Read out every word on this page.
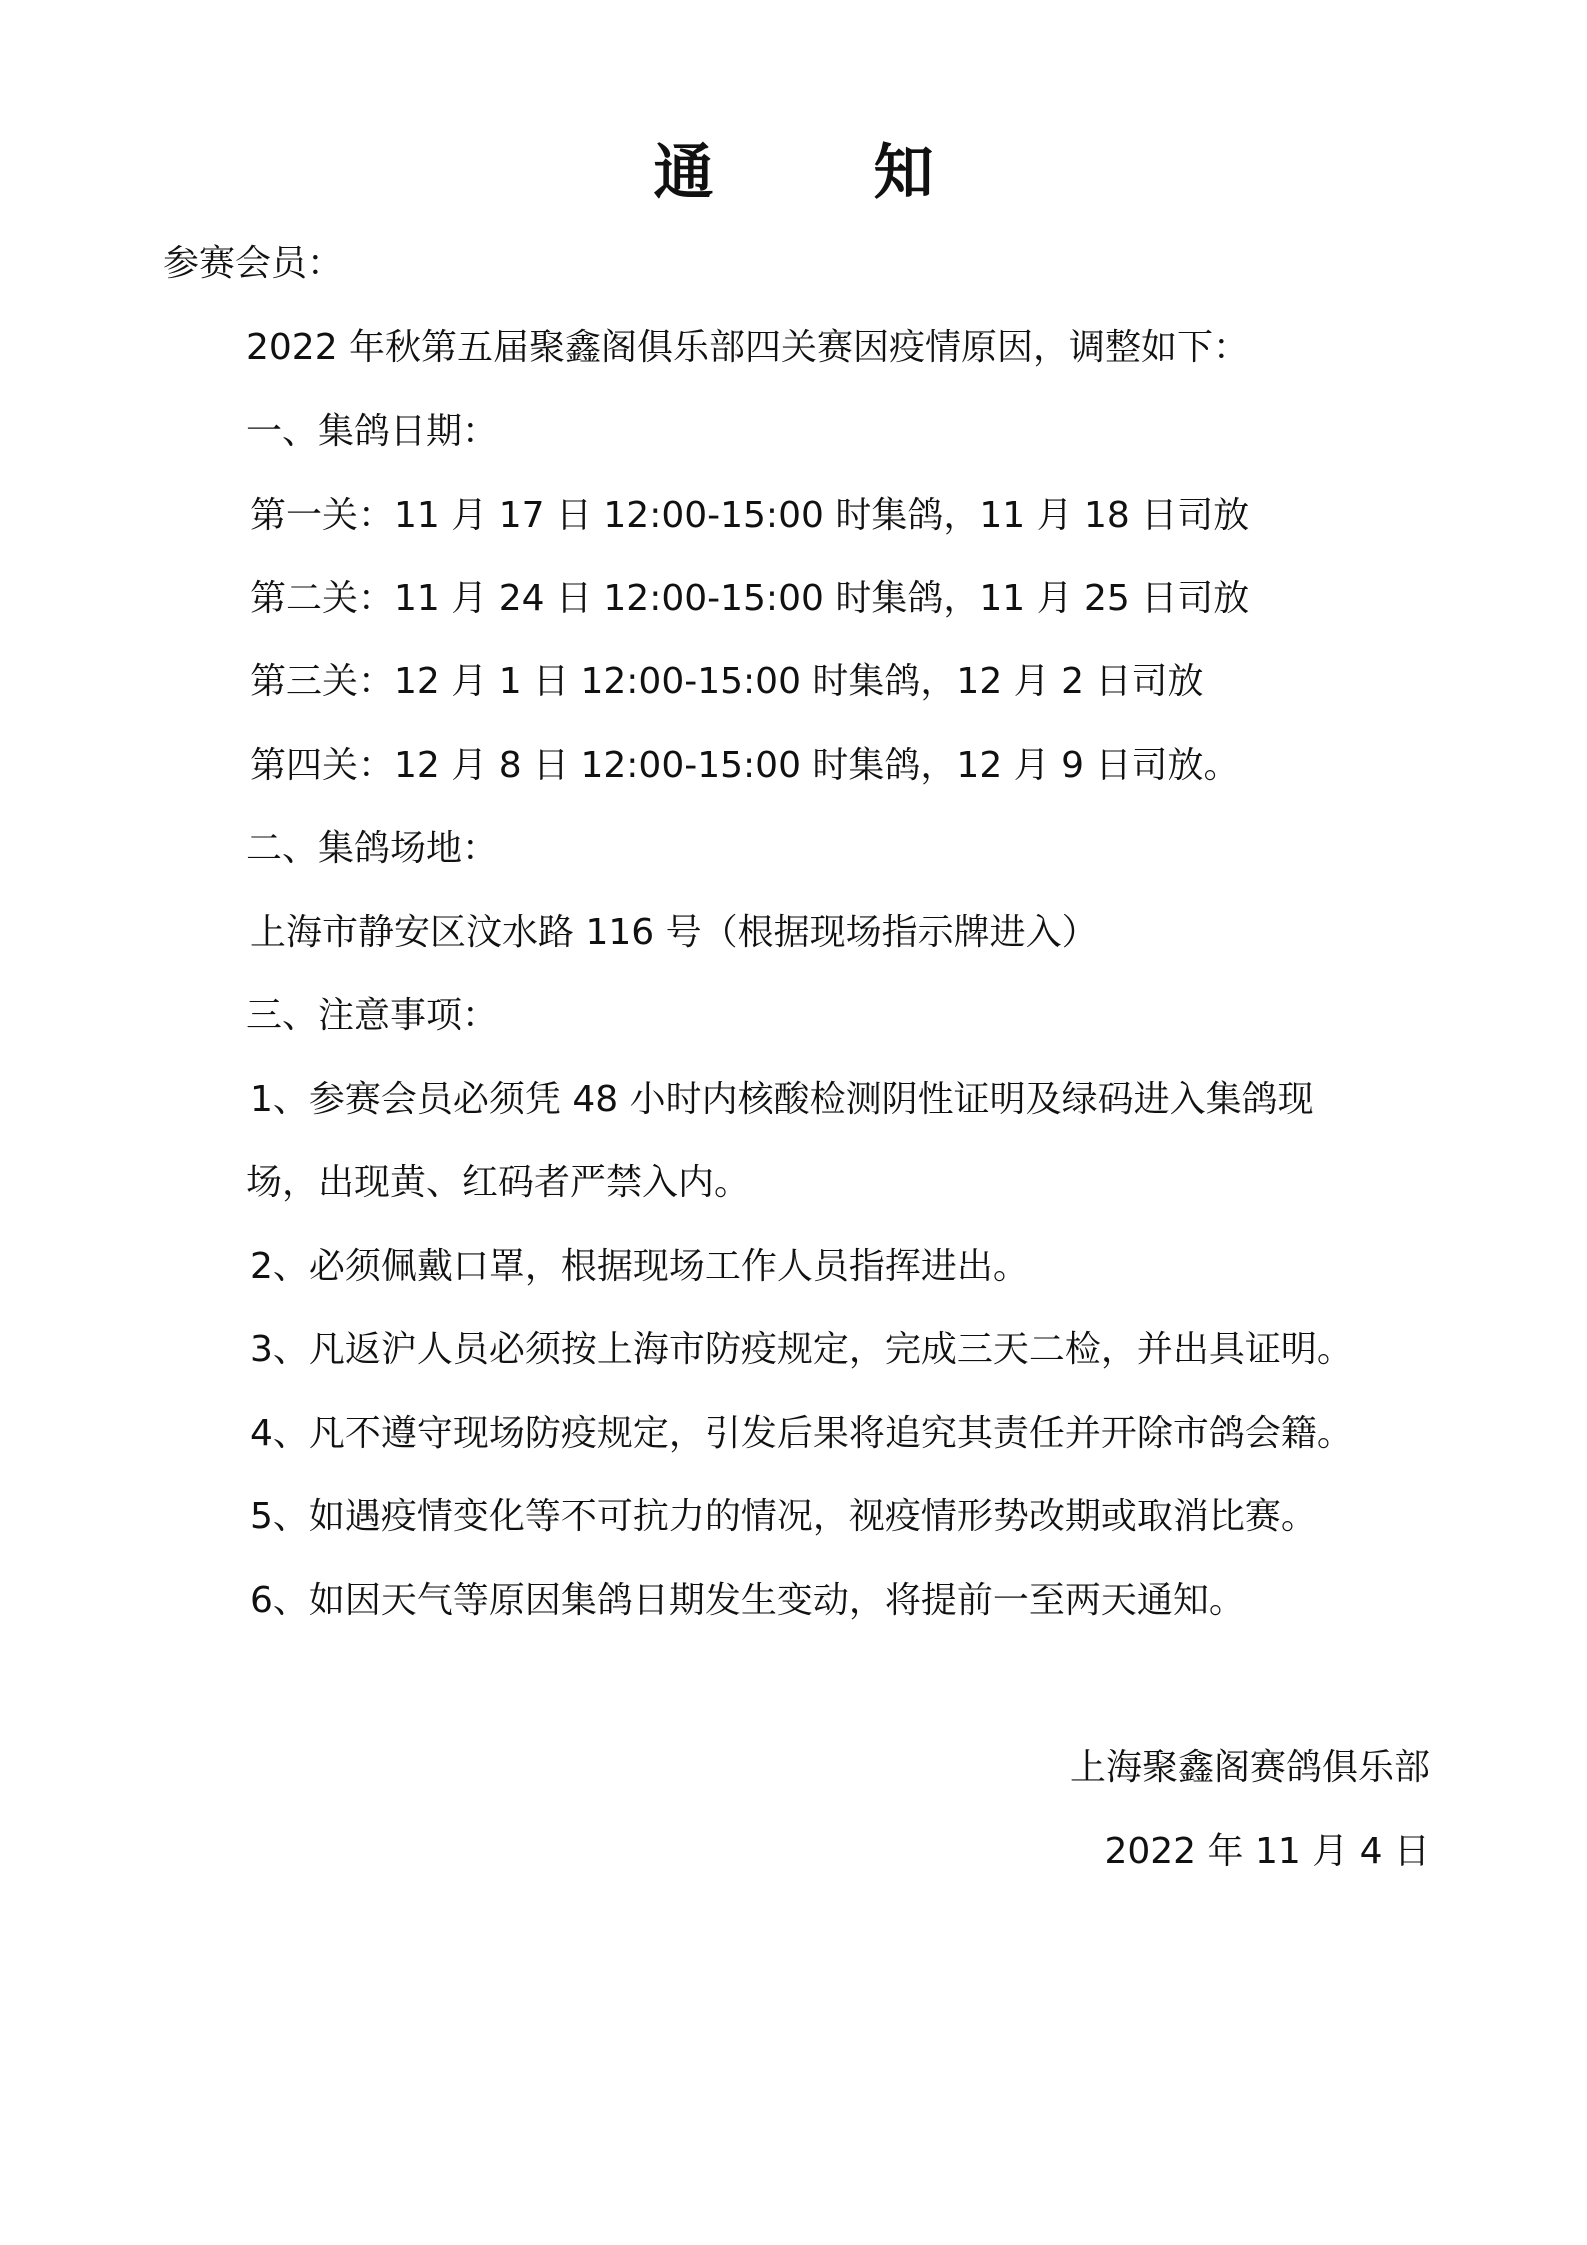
通　知
参赛会员：
2022 年秋第五届聚鑫阁俱乐部四关赛因疫情原因，调整如下：
一、集鸽日期：
第一关：11 月 17 日 12:00-15:00 时集鸽，11 月 18 日司放
第二关：11 月 24 日 12:00-15:00 时集鸽，11 月 25 日司放
第三关：12 月 1 日 12:00-15:00 时集鸽，12 月 2 日司放
第四关：12 月 8 日 12:00-15:00 时集鸽，12 月 9 日司放。
二、集鸽场地：
上海市静安区汶水路 116 号（根据现场指示牌进入）
三、注意事项：
1、参赛会员必须凭 48 小时内核酸检测阴性证明及绿码进入集鸽现
场，出现黄、红码者严禁入内。
2、必须佩戴口罩，根据现场工作人员指挥进出。
3、凡返沪人员必须按上海市防疫规定，完成三天二检，并出具证明。
4、凡不遵守现场防疫规定，引发后果将追究其责任并开除市鸽会籍。
5、如遇疫情变化等不可抗力的情况，视疫情形势改期或取消比赛。
6、如因天气等原因集鸽日期发生变动，将提前一至两天通知。
上海聚鑫阁赛鸽俱乐部
2022 年 11 月 4 日
